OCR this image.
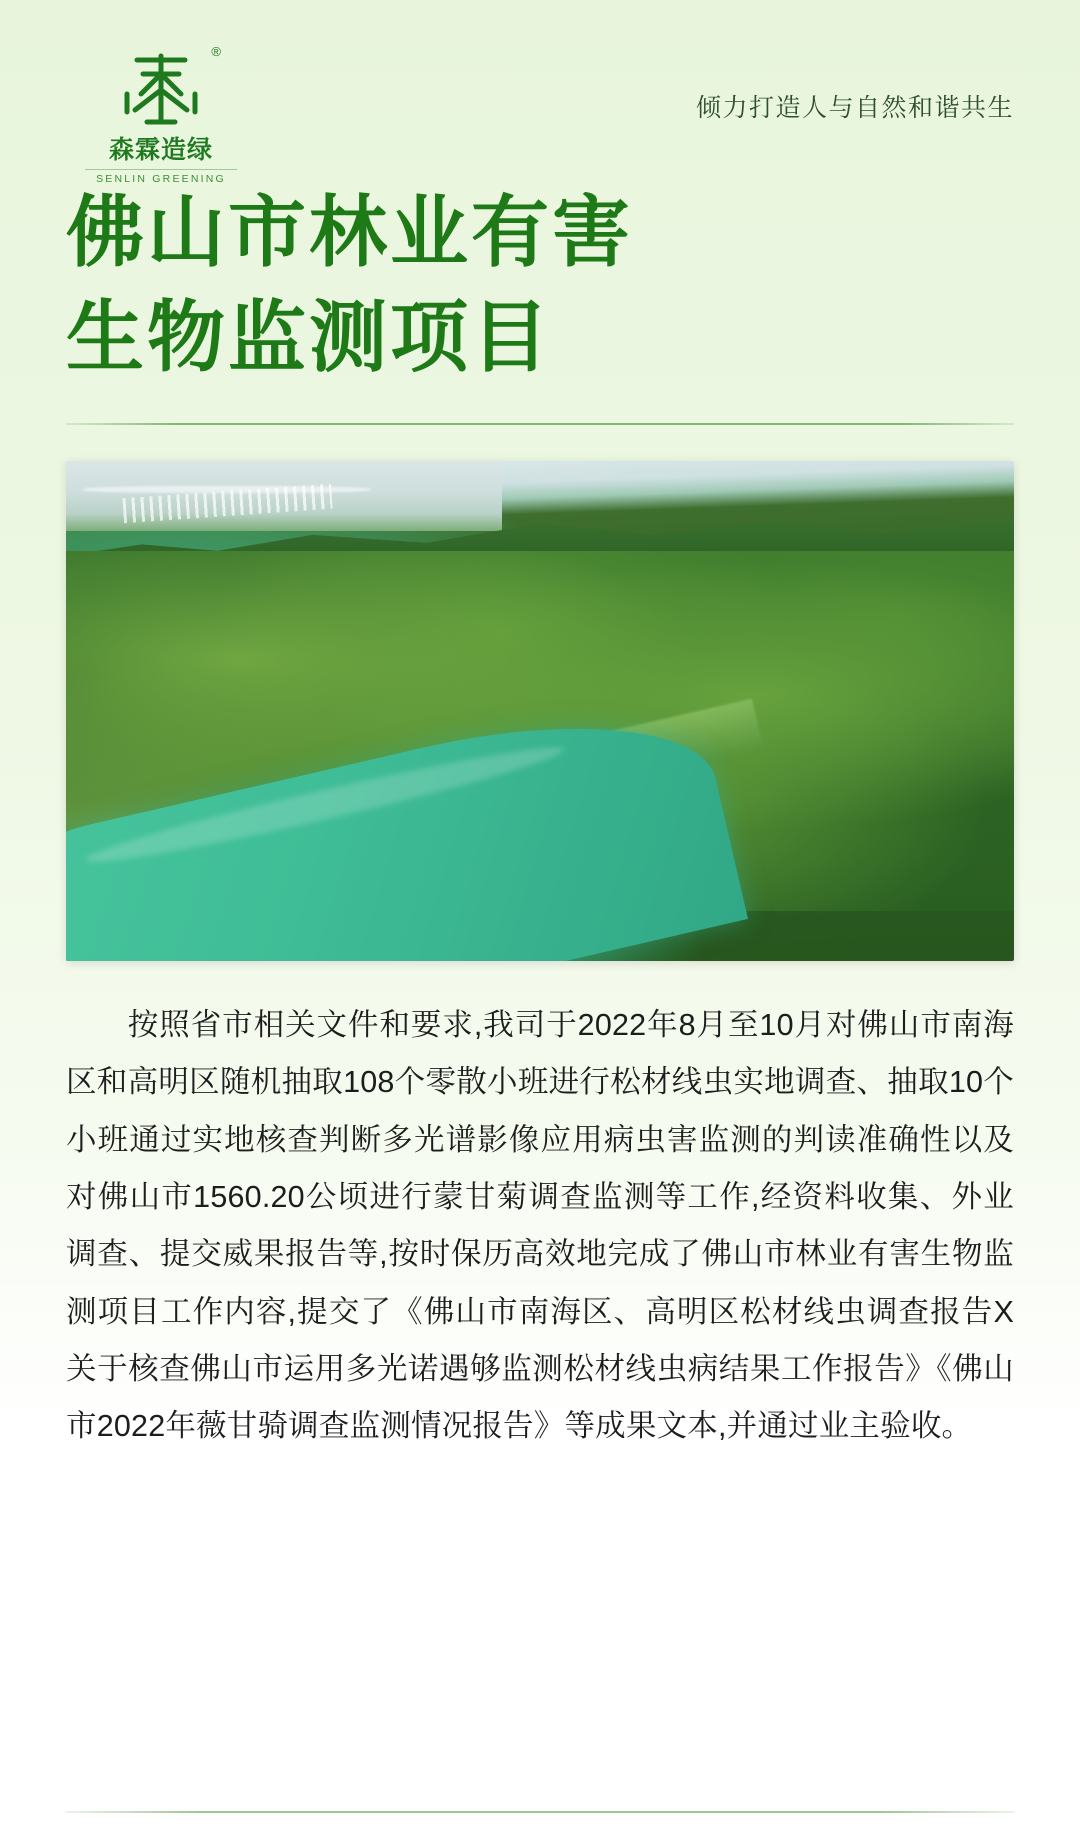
®
森霖造绿
SENLIN GREENING
倾力打造人与自然和谐共生
佛山市林业有害
生物监测项目
按照省市相关文件和要求,我司于2022年8月至10月对佛山市南海区和高明区随机抽取108个零散小班进行松材线虫实地调查、抽取10个小班通过实地核查判断多光谱影像应用病虫害监测的判读准确性以及对佛山市1560.20公顷进行蒙甘菊调查监测等工作,经资料收集、外业调查、提交威果报告等,按时保历高效地完成了佛山市林业有害生物监测项目工作内容,提交了《佛山市南海区、高明区松材线虫调查报告X关于核查佛山市运用多光诺遇够监测松材线虫病结果工作报告》《佛山市2022年薇甘骑调查监测情况报告》等成果文本,并通过业主验收。
